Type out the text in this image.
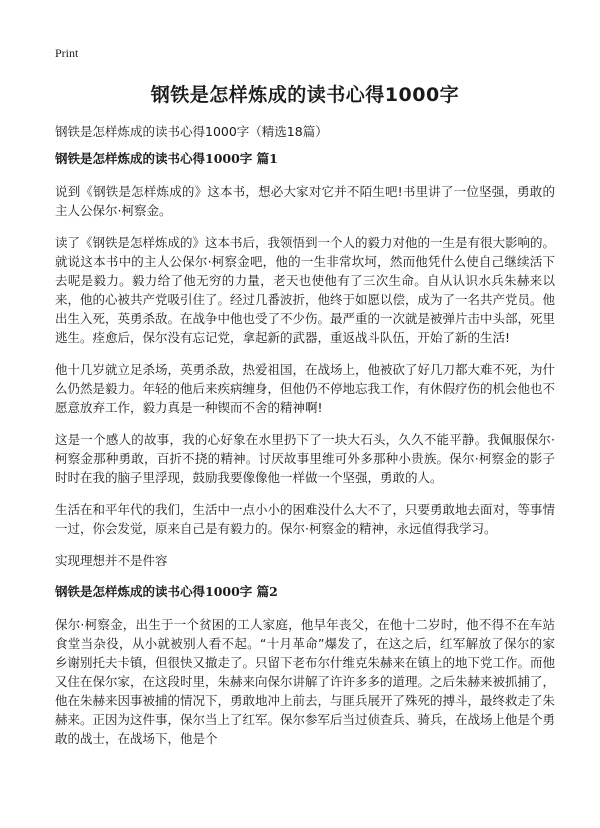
Print
钢铁是怎样炼成的读书心得1000字
钢铁是怎样炼成的读书心得1000字（精选18篇）
钢铁是怎样炼成的读书心得1000字 篇1

说到《钢铁是怎样炼成的》这本书，想必大家对它并不陌生吧!书里讲了一位坚强，勇敢的主人公保尔·柯察金。

读了《钢铁是怎样炼成的》这本书后，我领悟到一个人的毅力对他的一生是有很大影响的。就说这本书中的主人公保尔·柯察金吧，他的一生非常坎坷，然而他凭什么使自己继续活下去呢是毅力。毅力给了他无穷的力量，老天也使他有了三次生命。自从认识水兵朱赫来以来，他的心被共产党吸引住了。经过几番波折，他终于如愿以偿，成为了一名共产党员。他出生入死，英勇杀敌。在战争中他也受了不少伤。最严重的一次就是被弹片击中头部，死里逃生。痊愈后，保尔没有忘记党，拿起新的武器，重返战斗队伍，开始了新的生活!

他十几岁就立足杀场，英勇杀敌，热爱祖国，在战场上，他被砍了好几刀都大难不死，为什么仍然是毅力。年轻的他后来疾病缠身，但他仍不停地忘我工作，有休假疗伤的机会他也不愿意放弃工作，毅力真是一种锲而不舍的精神啊!

这是一个感人的故事，我的心好象在水里扔下了一块大石头，久久不能平静。我佩服保尔·柯察金那种勇敢，百折不挠的精神。讨厌故事里维可外多那种小贵族。保尔·柯察金的影子时时在我的脑子里浮现，鼓励我要像像他一样做一个坚强，勇敢的人。

生活在和平年代的我们，生活中一点小小的困难没什么大不了，只要勇敢地去面对，等事情一过，你会发觉，原来自己是有毅力的。保尔·柯察金的精神，永远值得我学习。

实现理想并不是件容

钢铁是怎样炼成的读书心得1000字 篇2

保尔·柯察金，出生于一个贫困的工人家庭，他早年丧父，在他十二岁时，他不得不在车站食堂当杂役，从小就被别人看不起。“十月革命”爆发了，在这之后，红军解放了保尔的家乡谢别托夫卡镇，但很快又撤走了。只留下老布尔什维克朱赫来在镇上的地下党工作。而他又住在保尔家，在这段时里，朱赫来向保尔讲解了许许多多的道理。之后朱赫来被抓捕了，他在朱赫来因事被捕的情况下，勇敢地冲上前去，与匪兵展开了殊死的搏斗，最终救走了朱赫来。正因为这件事，保尔当上了红军。保尔参军后当过侦查兵、骑兵，在战场上他是个勇敢的战士，在战场下，他是个
